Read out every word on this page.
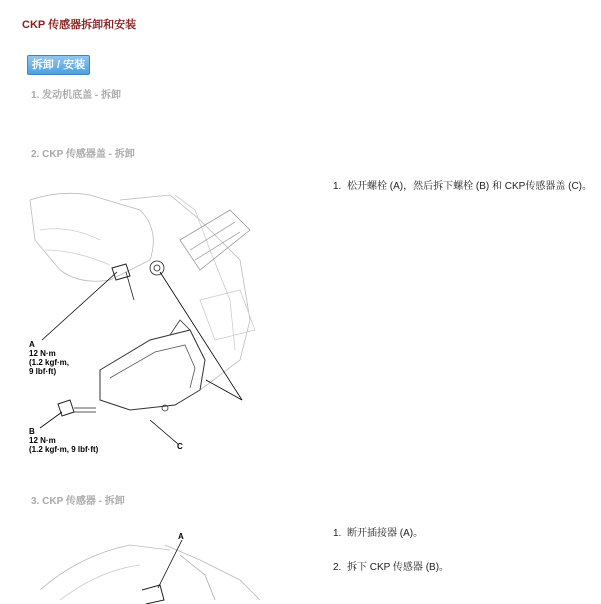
CKP 传感器拆卸和安装
拆卸 / 安装
1. 发动机底盖 - 拆卸
2. CKP 传感器盖 - 拆卸
1. 松开螺栓 (A)，然后拆下螺栓 (B) 和 CKP传感器盖 (C)。
A
12 N·m
(1.2 kgf·m,
9 lbf·ft)
B
12 N·m
(1.2 kgf·m, 9 lbf·ft)	C
3. CKP 传感器 - 拆卸
1. 断开插接器 (A)。
2. 拆下 CKP 传感器 (B)。
A
